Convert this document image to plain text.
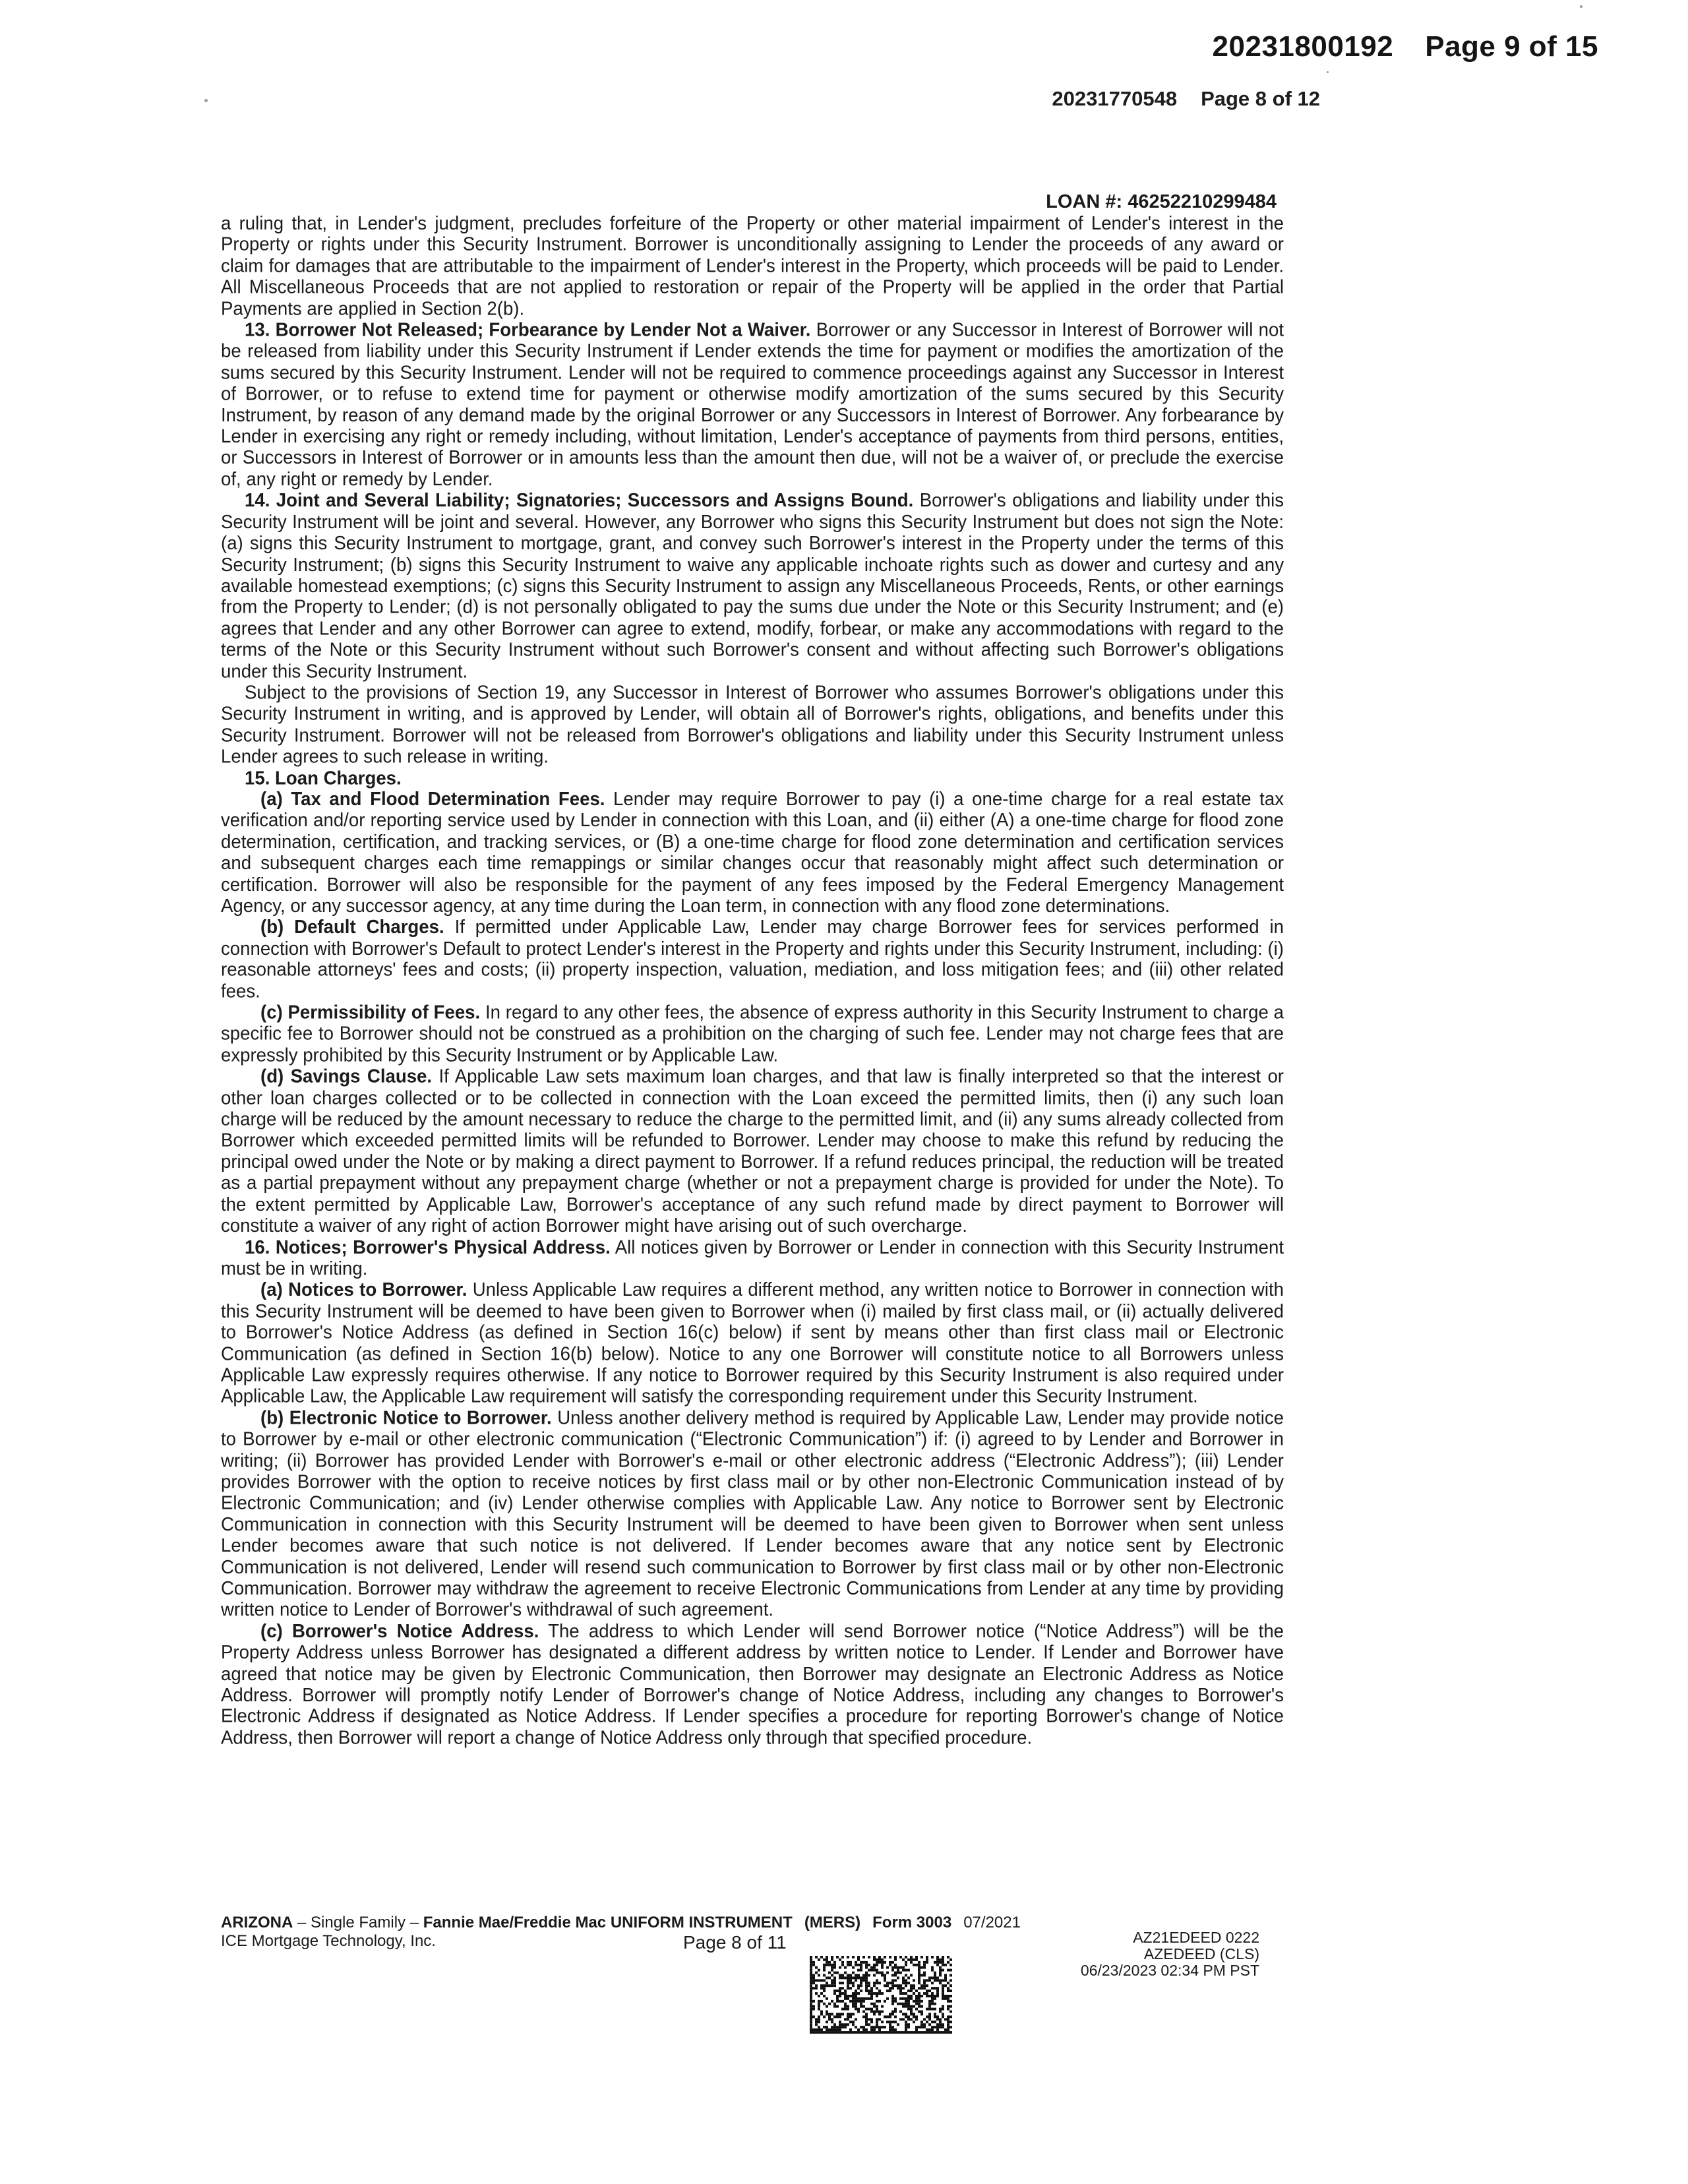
20231800192 Page 9 of 15
20231770548 Page 8 of 12
LOAN #: 46252210299484

a ruling that, in Lender's judgment, precludes forfeiture of the Property or other material impairment of Lender's interest in the Property or rights under this Security Instrument. Borrower is unconditionally assigning to Lender the proceeds of any award or claim for damages that are attributable to the impairment of Lender's interest in the Property, which proceeds will be paid to Lender. All Miscellaneous Proceeds that are not applied to restoration or repair of the Property will be applied in the order that Partial Payments are applied in Section 2(b).

13. Borrower Not Released; Forbearance by Lender Not a Waiver. Borrower or any Successor in Interest of Borrower will not be released from liability under this Security Instrument if Lender extends the time for payment or modifies the amortization of the sums secured by this Security Instrument. Lender will not be required to commence proceedings against any Successor in Interest of Borrower, or to refuse to extend time for payment or otherwise modify amortization of the sums secured by this Security Instrument, by reason of any demand made by the original Borrower or any Successors in Interest of Borrower. Any forbearance by Lender in exercising any right or remedy including, without limitation, Lender's acceptance of payments from third persons, entities, or Successors in Interest of Borrower or in amounts less than the amount then due, will not be a waiver of, or preclude the exercise of, any right or remedy by Lender.

14. Joint and Several Liability; Signatories; Successors and Assigns Bound. Borrower's obligations and liability under this Security Instrument will be joint and several. However, any Borrower who signs this Security Instrument but does not sign the Note: (a) signs this Security Instrument to mortgage, grant, and convey such Borrower's interest in the Property under the terms of this Security Instrument; (b) signs this Security Instrument to waive any applicable inchoate rights such as dower and curtesy and any available homestead exemptions; (c) signs this Security Instrument to assign any Miscellaneous Proceeds, Rents, or other earnings from the Property to Lender; (d) is not personally obligated to pay the sums due under the Note or this Security Instrument; and (e) agrees that Lender and any other Borrower can agree to extend, modify, forbear, or make any accommodations with regard to the terms of the Note or this Security Instrument without such Borrower's consent and without affecting such Borrower's obligations under this Security Instrument.

Subject to the provisions of Section 19, any Successor in Interest of Borrower who assumes Borrower's obligations under this Security Instrument in writing, and is approved by Lender, will obtain all of Borrower's rights, obligations, and benefits under this Security Instrument. Borrower will not be released from Borrower's obligations and liability under this Security Instrument unless Lender agrees to such release in writing.

15. Loan Charges.

(a) Tax and Flood Determination Fees. Lender may require Borrower to pay (i) a one-time charge for a real estate tax verification and/or reporting service used by Lender in connection with this Loan, and (ii) either (A) a one-time charge for flood zone determination, certification, and tracking services, or (B) a one-time charge for flood zone determination and certification services and subsequent charges each time remappings or similar changes occur that reasonably might affect such determination or certification. Borrower will also be responsible for the payment of any fees imposed by the Federal Emergency Management Agency, or any successor agency, at any time during the Loan term, in connection with any flood zone determinations.

(b) Default Charges. If permitted under Applicable Law, Lender may charge Borrower fees for services performed in connection with Borrower's Default to protect Lender's interest in the Property and rights under this Security Instrument, including: (i) reasonable attorneys' fees and costs; (ii) property inspection, valuation, mediation, and loss mitigation fees; and (iii) other related fees.

(c) Permissibility of Fees. In regard to any other fees, the absence of express authority in this Security Instrument to charge a specific fee to Borrower should not be construed as a prohibition on the charging of such fee. Lender may not charge fees that are expressly prohibited by this Security Instrument or by Applicable Law.

(d) Savings Clause. If Applicable Law sets maximum loan charges, and that law is finally interpreted so that the interest or other loan charges collected or to be collected in connection with the Loan exceed the permitted limits, then (i) any such loan charge will be reduced by the amount necessary to reduce the charge to the permitted limit, and (ii) any sums already collected from Borrower which exceeded permitted limits will be refunded to Borrower. Lender may choose to make this refund by reducing the principal owed under the Note or by making a direct payment to Borrower. If a refund reduces principal, the reduction will be treated as a partial prepayment without any prepayment charge (whether or not a prepayment charge is provided for under the Note). To the extent permitted by Applicable Law, Borrower's acceptance of any such refund made by direct payment to Borrower will constitute a waiver of any right of action Borrower might have arising out of such overcharge.

16. Notices; Borrower's Physical Address. All notices given by Borrower or Lender in connection with this Security Instrument must be in writing.

(a) Notices to Borrower. Unless Applicable Law requires a different method, any written notice to Borrower in connection with this Security Instrument will be deemed to have been given to Borrower when (i) mailed by first class mail, or (ii) actually delivered to Borrower's Notice Address (as defined in Section 16(c) below) if sent by means other than first class mail or Electronic Communication (as defined in Section 16(b) below). Notice to any one Borrower will constitute notice to all Borrowers unless Applicable Law expressly requires otherwise. If any notice to Borrower required by this Security Instrument is also required under Applicable Law, the Applicable Law requirement will satisfy the corresponding requirement under this Security Instrument.

(b) Electronic Notice to Borrower. Unless another delivery method is required by Applicable Law, Lender may provide notice to Borrower by e-mail or other electronic communication (“Electronic Communication”) if: (i) agreed to by Lender and Borrower in writing; (ii) Borrower has provided Lender with Borrower's e-mail or other electronic address (“Electronic Address”); (iii) Lender provides Borrower with the option to receive notices by first class mail or by other non-Electronic Communication instead of by Electronic Communication; and (iv) Lender otherwise complies with Applicable Law. Any notice to Borrower sent by Electronic Communication in connection with this Security Instrument will be deemed to have been given to Borrower when sent unless Lender becomes aware that such notice is not delivered. If Lender becomes aware that any notice sent by Electronic Communication is not delivered, Lender will resend such communication to Borrower by first class mail or by other non-Electronic Communication. Borrower may withdraw the agreement to receive Electronic Communications from Lender at any time by providing written notice to Lender of Borrower's withdrawal of such agreement.

(c) Borrower's Notice Address. The address to which Lender will send Borrower notice (“Notice Address”) will be the Property Address unless Borrower has designated a different address by written notice to Lender. If Lender and Borrower have agreed that notice may be given by Electronic Communication, then Borrower may designate an Electronic Address as Notice Address. Borrower will promptly notify Lender of Borrower's change of Notice Address, including any changes to Borrower's Electronic Address if designated as Notice Address. If Lender specifies a procedure for reporting Borrower's change of Notice Address, then Borrower will report a change of Notice Address only through that specified procedure.

ARIZONA – Single Family – Fannie Mae/Freddie Mac UNIFORM INSTRUMENT (MERS) Form 3003 07/2021
ICE Mortgage Technology, Inc.	Page 8 of 11	AZ21EDEED 0222
AZEDEED (CLS)
06/23/2023 02:34 PM PST
